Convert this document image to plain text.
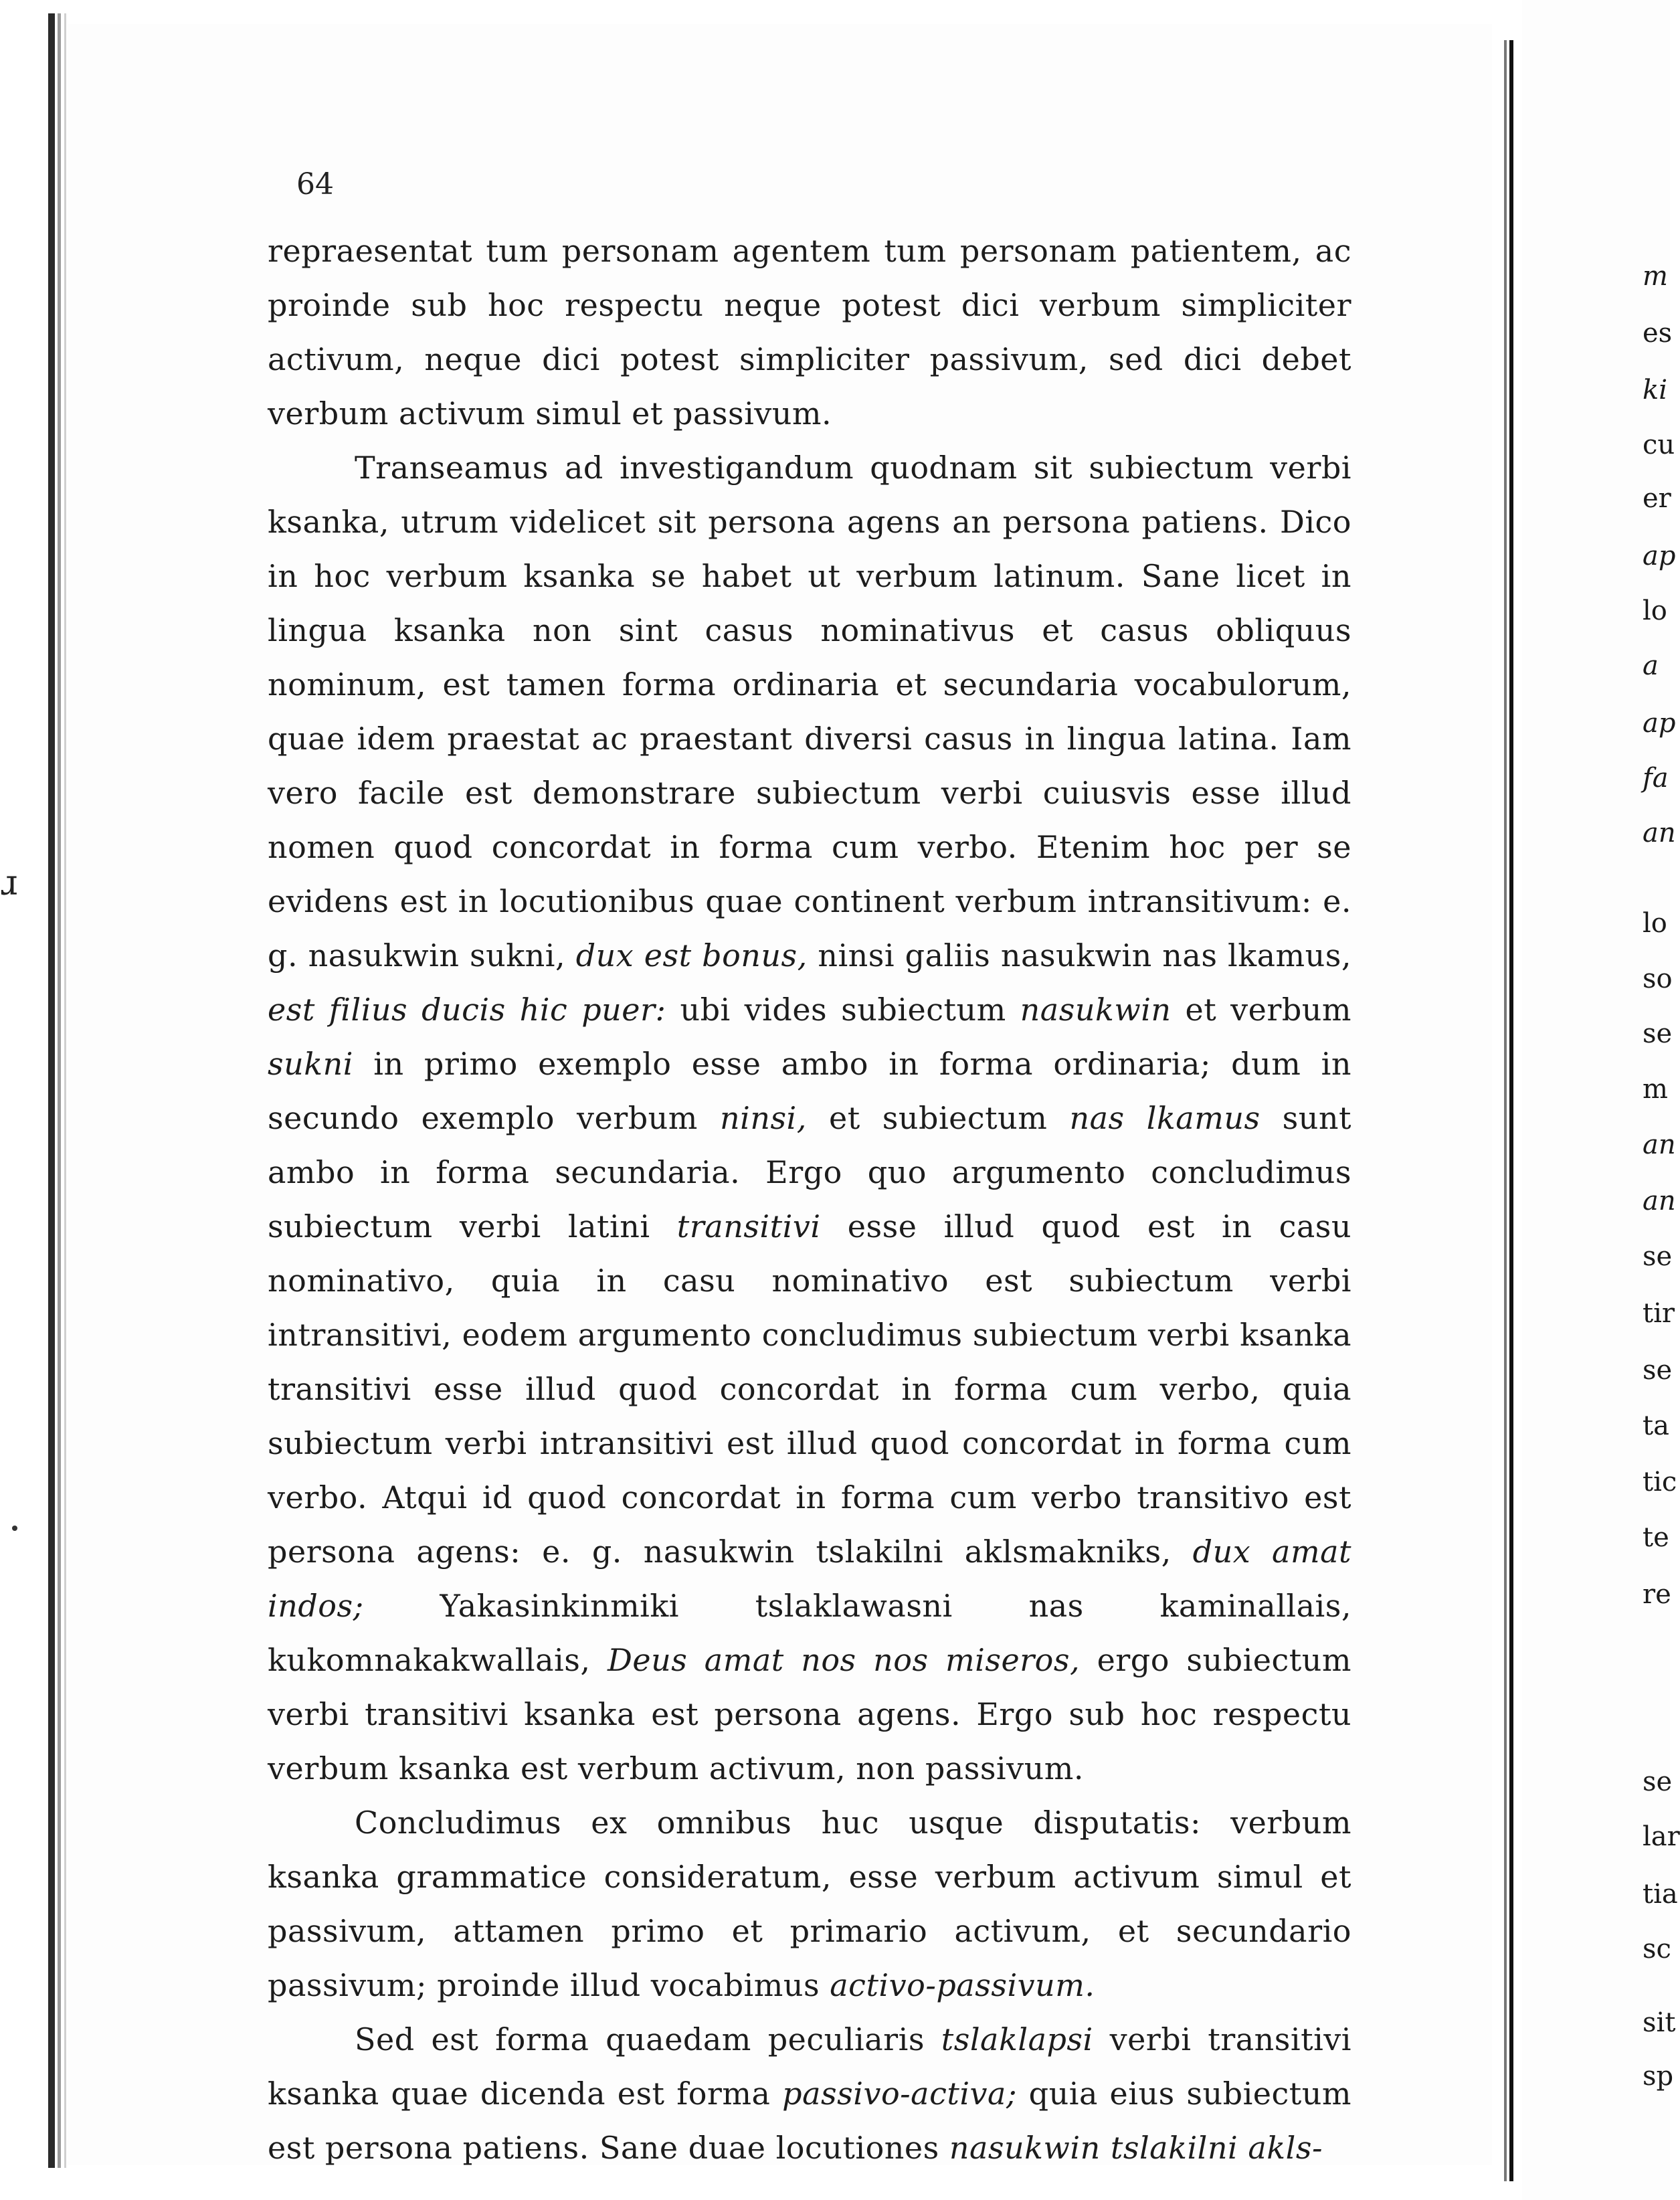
ɹ
64

repraesentat tum personam agentem tum personam patientem, ac proinde sub hoc respectu neque potest dici verbum simpliciter activum, neque dici potest simpliciter passivum, sed dici debet verbum activum simul et passivum.

Transeamus ad investigandum quodnam sit subiectum verbi ksanka, utrum videlicet sit persona agens an persona patiens. Dico in hoc verbum ksanka se habet ut verbum latinum. Sane licet in lingua ksanka non sint casus nominativus et casus obliquus nominum, est tamen forma ordinaria et secundaria vocabulorum, quae idem praestat ac praestant diversi casus in lingua latina. Iam vero facile est demonstrare subiectum verbi cuiusvis esse illud nomen quod concordat in forma cum verbo. Etenim hoc per se evidens est in locutionibus quae continent verbum intransitivum: e. g. nasukwin sukni, dux est bonus, ninsi galiis nasukwin nas lkamus, est filius ducis hic puer: ubi vides subiectum nasukwin et verbum sukni in primo exemplo esse ambo in forma ordinaria; dum in secundo exemplo verbum ninsi, et subiectum nas lkamus sunt ambo in forma secundaria. Ergo quo argumento concludimus subiectum verbi latini transitivi esse illud quod est in casu nominativo, quia in casu nominativo est subiectum verbi intransitivi, eodem argumento concludimus subiectum verbi ksanka transitivi esse illud quod concordat in forma cum verbo, quia subiectum verbi intransitivi est illud quod concordat in forma cum verbo. Atqui id quod concordat in forma cum verbo transitivo est persona agens: e. g. nasukwin tslakilni aklsmakniks, dux amat indos; Yakasinkinmiki tslaklawasni nas kaminallais, kukomnakakwallais, Deus amat nos nos miseros, ergo subiectum verbi transitivi ksanka est persona agens. Ergo sub hoc respectu verbum ksanka est verbum activum, non passivum.

Concludimus ex omnibus huc usque disputatis: verbum ksanka grammatice consideratum, esse verbum activum simul et passivum, attamen primo et primario activum, et secundario passivum; proinde illud vocabimus activo-passivum.

Sed est forma quaedam peculiaris tslaklapsi verbi transitivi ksanka quae dicenda est forma passivo-activa; quia eius subiectum est persona patiens. Sane duae locutiones nasukwin tslakilni akls-

m
es
ki
cu
er
ap
lo
a
ap
fa
an
lo
so
se
m
an
an
se
tir
se
ta
tic
te
re
se
lar
tia
sc
sit
sp
